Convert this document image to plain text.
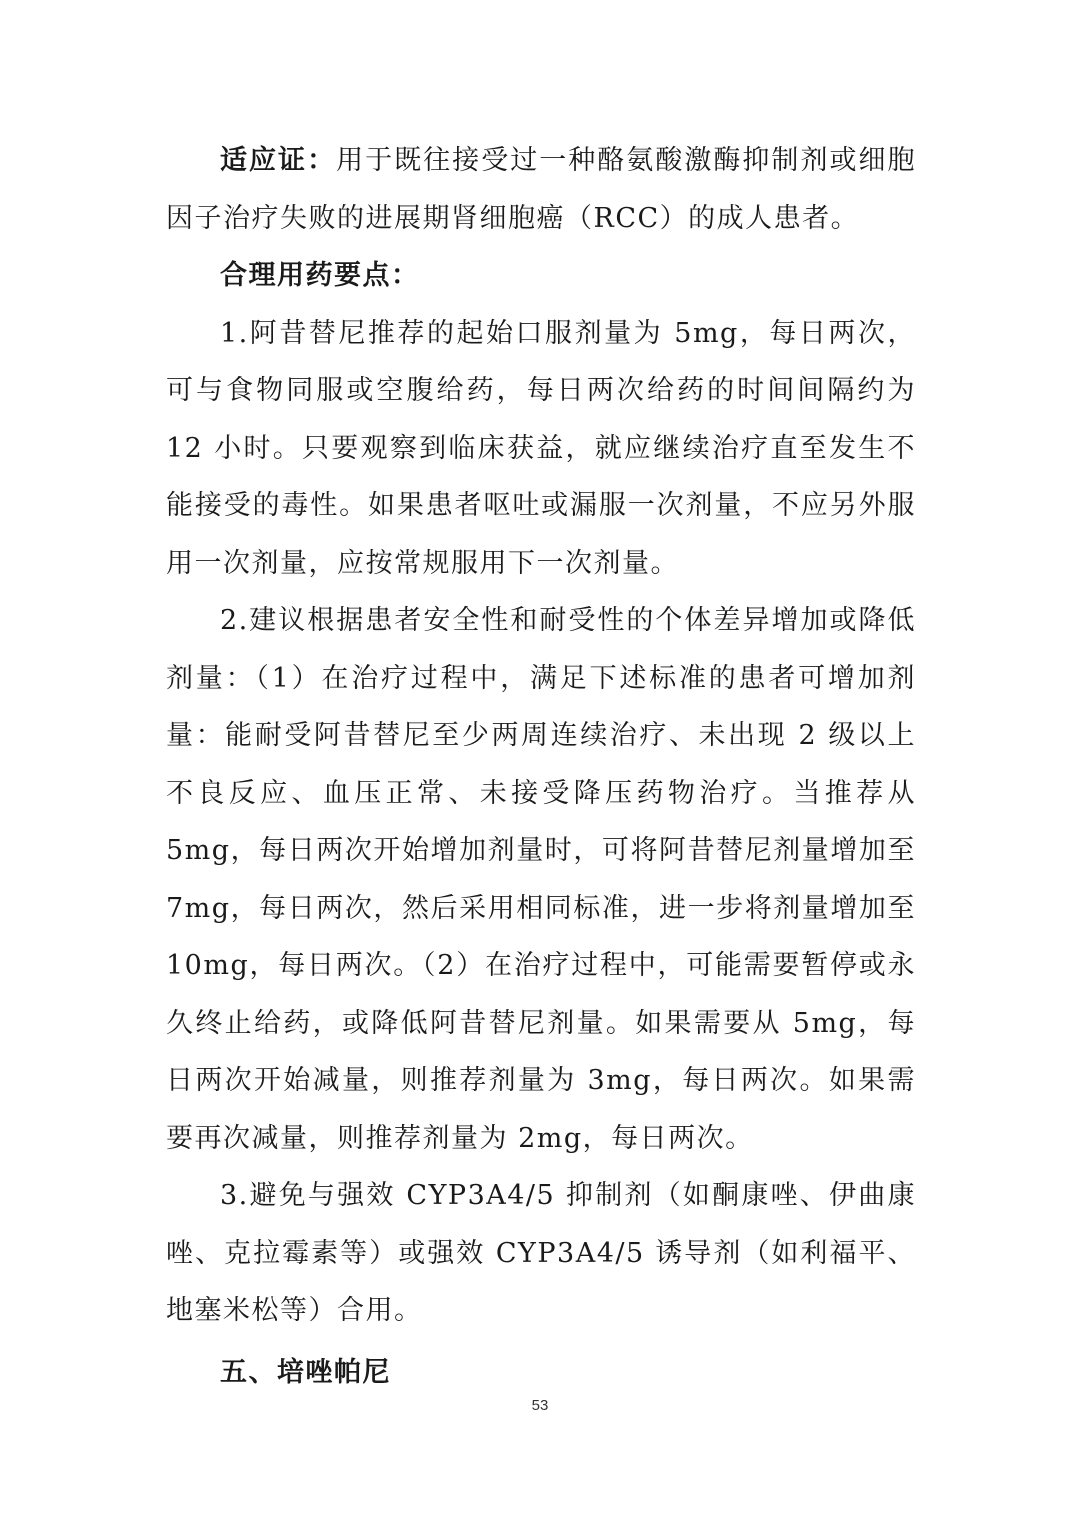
适应证：用于既往接受过一种酪氨酸激酶抑制剂或细胞因子治疗失败的进展期肾细胞癌（RCC）的成人患者。

合理用药要点：

1.阿昔替尼推荐的起始口服剂量为 5mg，每日两次，可与食物同服或空腹给药，每日两次给药的时间间隔约为 12 小时。只要观察到临床获益，就应继续治疗直至发生不能接受的毒性。如果患者呕吐或漏服一次剂量，不应另外服用一次剂量，应按常规服用下一次剂量。

2.建议根据患者安全性和耐受性的个体差异增加或降低剂量：（1）在治疗过程中，满足下述标准的患者可增加剂量：能耐受阿昔替尼至少两周连续治疗、未出现 2 级以上不良反应、血压正常、未接受降压药物治疗。当推荐从 5mg，每日两次开始增加剂量时，可将阿昔替尼剂量增加至 7mg，每日两次，然后采用相同标准，进一步将剂量增加至 10mg，每日两次。（2）在治疗过程中，可能需要暂停或永久终止给药，或降低阿昔替尼剂量。如果需要从 5mg，每日两次开始减量，则推荐剂量为 3mg，每日两次。如果需要再次减量，则推荐剂量为 2mg，每日两次。

3.避免与强效 CYP3A4/5 抑制剂（如酮康唑、伊曲康唑、克拉霉素等）或强效 CYP3A4/5 诱导剂（如利福平、地塞米松等）合用。

五、培唑帕尼

53
